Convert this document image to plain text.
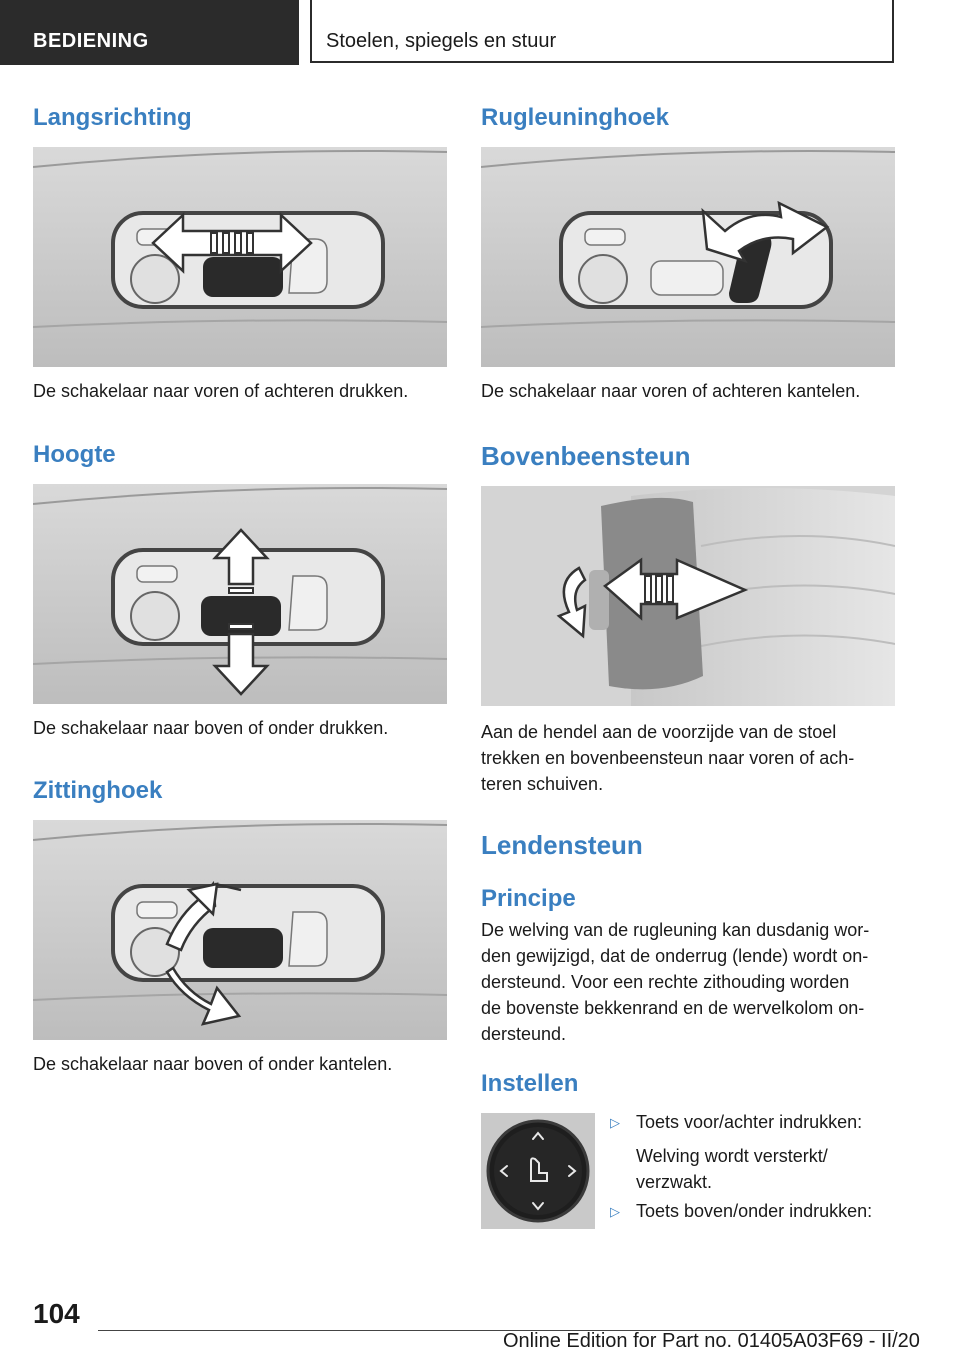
BEDIENING	Stoelen, spiegels en stuur
Langsrichting

De schakelaar naar voren of achteren drukken.

Hoogte

De schakelaar naar boven of onder drukken.

Zittinghoek

De schakelaar naar boven of onder kantelen.

Rugleuninghoek

De schakelaar naar voren of achteren kantelen.

Bovenbeensteun
Aan de hendel aan de voorzijde van de stoel
trekken en bovenbeensteun naar voren of ach-
teren schuiven.
Lendensteun
Principe
De welving van de rugleuning kan dusdanig wor-
den gewijzigd, dat de onderrug (lende) wordt on-
dersteund. Voor een rechte zithouding worden
de bovenste bekkenrand en de wervelkolom on-
dersteund.
Instellen
▷ Toets voor/achter indrukken:
Welving wordt versterkt/
verzwakt.
▷ Toets boven/onder indrukken:
104
Online Edition for Part no. 01405A03F69 - II/20
